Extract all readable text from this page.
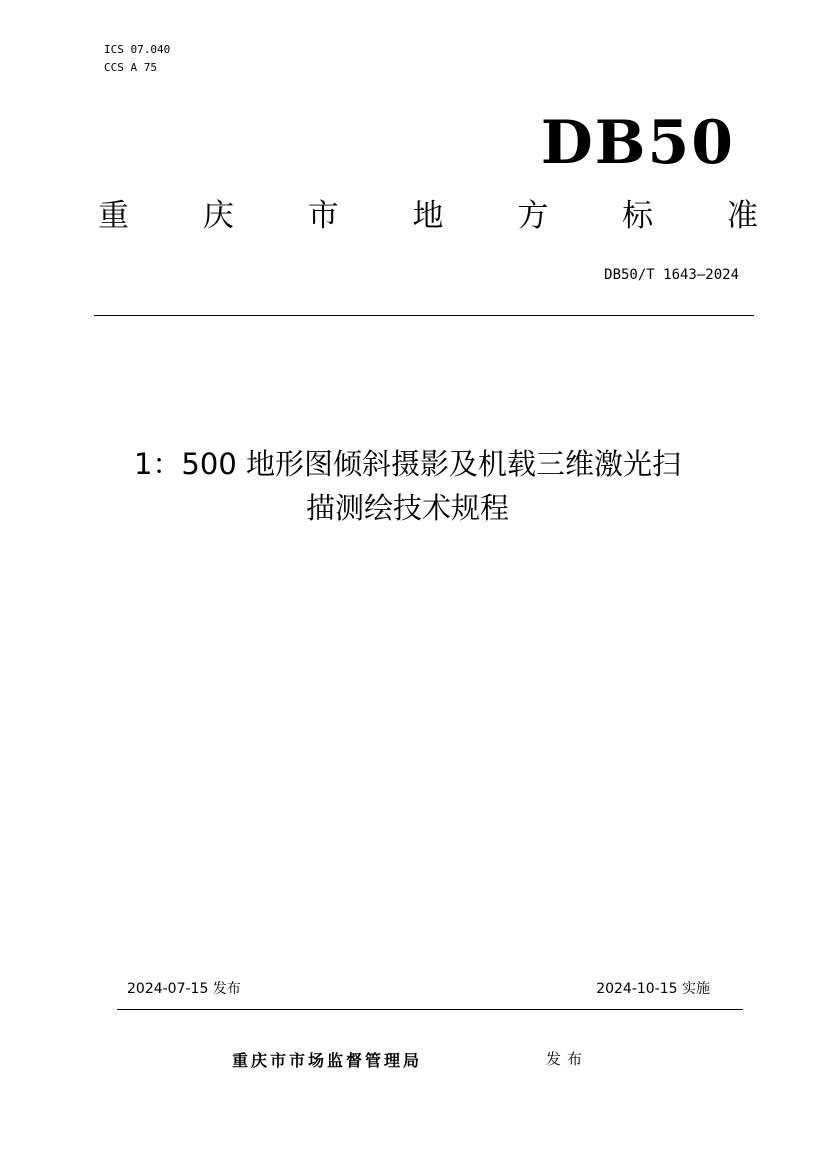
ICS 07.040
CCS A 75
DB50
重 庆 市 地 方 标 准
DB50/T 1643—2024
1：500 地形图倾斜摄影及机载三维激光扫
描测绘技术规程
2024-07-15 发布	2024-10-15 实施
重庆市市场监督管理局	发布
